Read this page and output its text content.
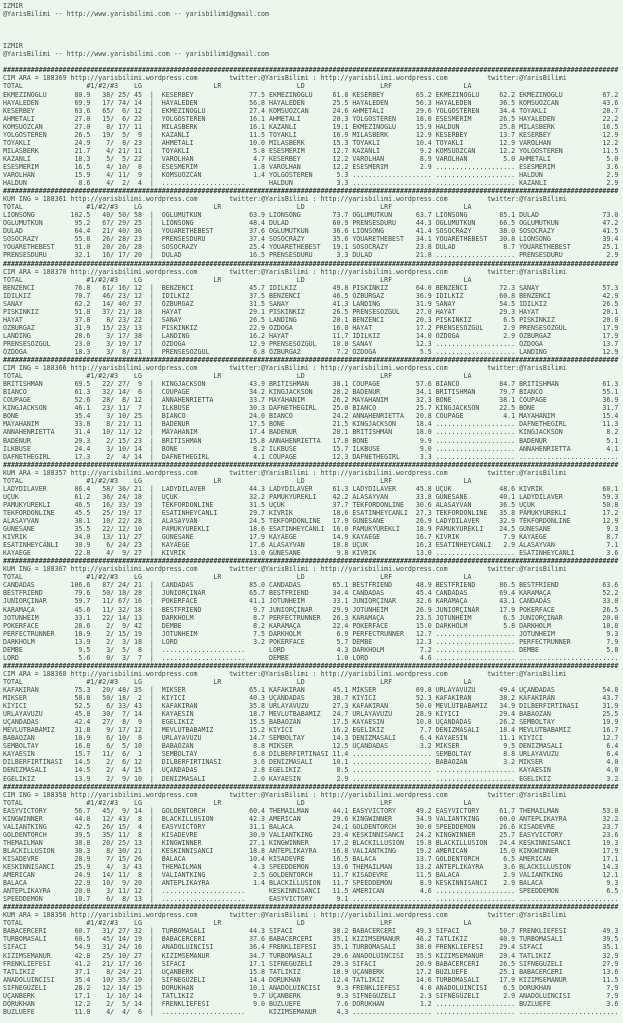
IZMIR
@YarisBilimi -- http://www.yarisbilimi.com -- yarisbilimi@gmail.com
IZMIR
@YarisBilimi -- http://www.yarisbilimi.com -- yarisbilimi@gmail.com
###########################################################################################################################################################
CIM ARA = 188369 http://yarisbilimi.wordpress.com        twitter:@YarisBilimi : http://yarisbilimi.wordpress.com          twitter:@YarisBilimi
TOTAL                #1/#2/#3    LG                  LR                   LD                   LRF                  LA
EKMEZINOGLU       80.9   38/ 25/ 45  |  KESERBEY              77.5 EKMEZINOGLU     61.8 KESERBEY        65.2 EKMEZINOGLU     62.2 EKMEZINOGLU          67.2
HAYALEDEN         69.9   17/ 74/ 14  |  HAYALEDEN             56.8 HAYALEDEN       25.5 HAYALEDEN       56.3 HAYALEDEN       36.5 KOMSUÖZCAN           43.6
KESERBEY          63.6   65/  6/ 12  |  EKMEZINOGLU           27.4 KOMSUÖZCAN      24.6 AHMETALI        29.6 YOLGÖSTEREN     34.4 TOYAKLI              28.7
AHMETALI          27.0   15/  6/ 22  |  YOLGÖSTEREN           16.1 AHMETALI        20.3 YOLGÖSTEREN     18.0 ESESMERIM       26.5 HAYALEDEN            22.2
KOMSUÖZCAN        27.0    8/ 17/ 11  |  MILASBERK             16.1 KAZANLI         19.1 EKMEZINOGLU     15.9 HALDUN          25.8 MILASBERK            16.5
YOLGÖSTEREN       26.5   19/  5/  9  |  KAZANLI               11.5 TOYAKLI         16.9 MILASBERK       12.9 KESERBEY        13.7 KESERBEY             12.9
TOYAKLI           24.9    7/  8/ 23  |  AHMETALI              10.0 MILASBERK       15.3 TOYAKLI         10.4 TOYAKLI         12.9 VAROLHAN             12.2
MILASBERK         21.7    4/ 21/ 11  |  TOYAKLI                5.8 ESESMERIM       12.7 KAZANLI          9.2 KOMSUÖZCAN      12.2 YOLGÖSTEREN          11.5
KAZANLI           18.3    5/  5/ 22  |  VAROLHAN               4.7 KESERBEY        12.2 VAROLHAN         8.9 VAROLHAN         5.0 AHMETALI              5.0
ESESMERIM         16.5    4/ 10/  8  |  ESESMERIM              1.8 VAROLHAN        12.2 ESESMERIM        2.9 .................... ESESMERIM             3.6
VAROLHAN          15.9    4/ 11/  9  |  KOMSUÖZCAN             1.4 YOLGÖSTEREN      5.3 .................... .................... HALDUN                2.9
HALDUN             8.6    4/  2/  4  |  .....................      HALDUN           3.3 .................... .................... KAZANLI               2.9
###########################################################################################################################################################
KUM ING = 188361 http://yarisbilimi.wordpress.com        twitter:@YarisBilimi : http://yarisbilimi.wordpress.com          twitter:@YarisBilimi
TOTAL                #1/#2/#3    LG                  LR                   LD                   LRF                  LA
LIONSONG         102.5   40/ 50/ 58  |  OGLUMUTKUN            63.9 LIONSONG        73.7 OGLUMUTKUN      63.7 LIONSONG        85.1 DULAD                73.0
OGLUMUTKUN        95.2   67/ 29/ 25  |  LIONSONG              48.4 DULAD           60.9 PRENSESDURU     44.3 OGLUMUTKUN      66.5 OGLUMUTKUN           47.2
DULAD             64.4   21/ 40/ 36  |  YOUARETHEBEST         37.6 OGLUMUTKUN      36.6 LIONSONG        41.4 SOSOCRAZY       38.0 SOSOCRAZY            41.5
SOSOCRAZY         55.8   26/ 28/ 23  |  PRENSESDURU           37.4 SOSOCRAZY       35.6 YOUARETHEBEST   34.1 YOUARETHEBEST   30.8 LIONSONG             39.4
YOUARETHEBEST     51.0   20/ 26/ 28  |  SOSOCRAZY             25.4 YOUARETHEBEST   19.1 SOSOCRAZY       23.8 DULAD            8.7 YOUARETHEBEST        25.1
PRENSESDURU       32.1   16/ 17/ 20  |  DULAD                 16.5 PRENSESDURU      3.3 DULAD           21.8 .................... PRENSESDURU           2.9
###########################################################################################################################################################
CIM ARA = 188370 http://yarisbilimi.wordpress.com        twitter:@YarisBilimi : http://yarisbilimi.wordpress.com          twitter:@YarisBilimi
TOTAL                #1/#2/#3    LG                  LR                   LD                   LRF                  LA
BENZENCI          76.8   61/ 16/ 12  |  BENZENCI              45.7 IDILKIZ         49.8 PISKINKIZ       64.0 BENZENCI        72.3 SANAY                57.3
IDILKIZ           70.7   46/ 23/ 12  |  IDILKIZ               37.5 BENZENCI        46.5 ÖZBURGAZ        36.9 IDILKIZ         60.8 BENZENCI             42.9
SANAY             62.2   14/ 40/ 37  |  ÖZBURGAZ              31.5 SANAY           41.3 LANDING         31.9 SANAY           54.5 IDILKIZ              26.5
PISKINKIZ         51.8   37/ 21/ 18  |  HAYAT                 29.1 PISKINKIZ       26.5 PRENSESÖZGÜL    27.0 HAYAT           29.3 HAYAT                20.1
HAYAT             37.8    8/ 23/ 22  |  SANAY                 26.5 LANDING         20.1 BENZENCI        20.3 PISKINKIZ        6.5 PISKINKIZ            20.0
ÖZBURGAZ          31.9   15/ 23/ 13  |  PISKINKIZ             22.9 ÖZDOGA          16.0 HAYAT           17.2 PRENSESÖZGÜL     2.9 PRENSESÖZGÜL         17.9
LANDING           28.6    3/ 17/ 38  |  LANDING               16.2 HAYAT           11.7 IDILKIZ         14.0 ÖZDOGA           2.9 ÖZBURGAZ             17.9
PRENSESÖZGÜL      23.0    3/ 19/ 17  |  ÖZDOGA                12.9 PRENSESÖZGÜL    10.0 SANAY           12.3 .................... ÖZDOGA               13.7
ÖZDOGA            18.3    3/  8/ 21  |  PRENSESÖZGÜL           6.8 ÖZBURGAZ         7.2 ÖZDOGA           5.5 .................... LANDING              12.9
###########################################################################################################################################################
CIM ING = 188366 http://yarisbilimi.wordpress.com        twitter:@YarisBilimi : http://yarisbilimi.wordpress.com          twitter:@YarisBilimi
TOTAL                #1/#2/#3    LG                  LR                   LD                   LRF                  LA
BRITISHMAN        69.5   22/ 27/  9  |  KINGJACKSON           43.9 BRITISHMAN      38.1 COUPAGE         57.6 BIANCO          84.7 BRITISHMAN           61.3
BIANCO            61.3   32/ 14/  6  |  COUPAGE               34.2 KINGJACKSON     28.2 BADENUR         34.1 BRITISHMAN      79.7 BIANCO               55.1
COUPAGE           52.6   28/  8/ 12  |  ANNAHENRIETTA         33.7 MAYAHANIM       26.2 MAYAHANIM       32.3 BONE            38.1 COUPAGE              36.9
KINGJACKSON       46.1   23/ 11/  7  |  ILKBUSE               30.3 DAFNETHEGIRL    25.0 BIANCO          25.7 KINGJACKSON     22.5 BONE                 31.7
BONE              35.4    3/ 10/ 25  |  BIANCO                24.0 BIANCO          24.2 ANNAHENRIETTA   20.8 COUPAGE          4.1 MAYAHANIM            15.4
MAYAHANIM         33.8    8/ 21/ 11  |  BADENUR               17.5 BONE            21.5 KINGJACKSON     18.4 .................... DAFNETHEGIRL         11.3
ANNAHENRIETTA     31.4   10/ 11/ 12  |  MAYAHANIM             17.4 BADENUR         20.1 BRITISHMAN      18.0 .................... KINGJACKSON           8.2
BADENUR           29.3    2/ 15/ 23  |  BRITISHMAN            15.8 ANNAHENRIETTA   17.8 BONE             9.9 .................... BADENUR               5.1
ILKBUSE           24.4    3/ 10/ 14  |  BONE                   8.2 ILKBUSE         15.7 ILKBUSE          9.0 .................... ANNAHENRIETTA         4.1
DAFNETHEGIRL      17.3    2/  4/ 14  |  DAFNETHEGIRL           4.1 COUPAGE         12.3 DAFNETHEGIRL     3.3 .................... .........................
###########################################################################################################################################################
KUM ARA = 188357 http://yarisbilimi.wordpress.com        twitter:@YarisBilimi : http://yarisbilimi.wordpress.com          twitter:@YarisBilimi
TOTAL                #1/#2/#3    LG                  LR                   LD                   LRF                  LA
LADYDILAVER       86.4   58/ 36/ 21  |  LADYDILAVER           44.3 LADYDILAVER     61.3 LADYDILAVER     45.8 UÇUK            48.6 KIVRIK               60.1
UÇUK              61.2   36/ 24/ 18  |  UÇUK                  32.2 PAMUKYÜREKLI    42.2 ALASAYVAN       33.8 GÜNESANE        40.1 LADYDILAVER          59.3
PAMUKYÜREKLI      46.5   16/ 33/ 19  |  TEKFORDONLINE         31.5 UÇUK            37.7 TEKFORDONLINE   30.6 ALASAYVAN       36.5 UÇUK                 50.8
TEKFORDONLINE     45.5   25/ 19/ 17  |  ESATINHEYCANLI        29.7 KIVRIK          18.6 ESATINHEYCANLI  27.3 TEKFORDONLINE   35.8 PAMUKYÜREKLI         17.2
ALASAYVAN         38.1   10/ 22/ 28  |  ALASAYVAN             24.5 TEKFORDONLINE   17.9 GÜNESANE        26.9 LADYDILAVER     32.9 TEKFORDONLINE        12.9
GÜNESANE          35.5   22/ 12/ 10  |  PAMUKYÜREKLI          18.6 ESATINHEYCANLI  16.0 PAMUKYÜREKLI    18.9 PAMUKYÜREKLI    24.5 GÜNESANE              9.3
KIVRIK            34.0   13/ 11/ 27  |  GÜNESANE              17.9 KAYAEGE         14.9 KAYAEGE         16.7 KIVRIK           7.9 KAYAEGE               8.7
ESATINHEYCANLI    30.9    6/ 24/ 23  |  KAYAEGE               17.6 ALASAYVAN       10.8 UÇUK            16.3 ESATINHEYCANLI   2.9 ALASAYVAN             7.1
KAYAEGE           22.8    4/  9/ 27  |  KIVRIK                13.0 GÜNESANE         9.8 KIVRIK          13.0 .................... ESATINHEYCANLI        3.6
###########################################################################################################################################################
KUM ING = 188367 http://yarisbilimi.wordpress.com        twitter:@YarisBilimi : http://yarisbilimi.wordpress.com          twitter:@YarisBilimi
TOTAL                #1/#2/#3    LG                  LR                   LD                   LRF                  LA
CANDADAS         106.6   87/ 24/ 21  |  CANDADAS              85.0 CANDADAS        65.1 BESTFRIEND      48.9 BESTFRIEND      86.5 BESTFRIEND           63.6
BESTFRIEND        79.6   50/ 18/ 28  |  JUNIORÇINAR           65.7 BESTFRIEND      34.4 CANDADAS        45.4 CANDADAS        69.4 KARAMAÇA             52.2
JUNIORÇINAR       59.7   11/ 67/ 16  |  POKERFACE             41.1 JOTUNHEIM       33.1 JUNIORÇINAR     32.6 KARAMAÇA        43.1 CANDADAS             33.0
KARAMAÇA          45.6   11/ 32/ 18  |  BESTFRIEND             9.7 JUNIORÇINAR     29.9 JOTUNHEIM       26.9 JUNIORÇINAR     17.9 POKERFACE            26.5
JOTUNHEIM         33.1   22/ 14/ 13  |  DARKHOLM               8.7 PERFECTRUNNER   26.3 KARAMAÇA        23.5 JOTUNHEIM        6.5 JUNIORÇINAR          20.0
POKERFACE         28.6    2/  9/ 42  |  DEMBE                  8.2 KARAMAÇA        22.4 POKERFACE       15.0 DARKHOLM         5.8 DARKHOLM             10.8
PERFECTRUNNER     18.9    2/ 15/ 19  |  JOTUNHEIM              7.5 DARKHOLM         6.9 PERFECTRUNNER   12.7 .................... JOTUNHEIM             9.3
DARKHOLM          13.9    2/  3/ 18  |  LORD                   3.2 POKERFACE        5.7 DEMBE           12.3 .................... PERFECTRUNNER         7.9
DEMBE              9.5    3/  5/  8  |  .....................      LORD             4.3 DARKHOLM         7.2 .................... DEMBE                 5.8
LORD               5.6    0/  3/  7  |  .....................      DEMBE            1.0 LORD             4.6 .................... .........................
###########################################################################################################################################################
CIM ARA = 188368 http://yarisbilimi.wordpress.com        twitter:@YarisBilimi : http://yarisbilimi.wordpress.com          twitter:@YarisBilimi
TOTAL                #1/#2/#3    LG                  LR                   LD                   LRF                  LA
KAFAKIRAN         75.3   20/ 48/ 35  |  MIKSER                65.1 KAFAKIRAN       45.1 MIKSER          69.8 URLAYAVUZU      49.4 UÇANDADAS            54.8
MIKSER            58.8   50/ 18/  2  |  KIYICI                40.3 UÇANDADAS       38.7 KIYICI          52.3 KAFAKIRAN       38.2 KAFAKIRAN            43.7
KIYICI            52.5    6/ 33/ 43  |  KAFAKIRAN             35.8 URLAYAVUZU      27.3 KAFAKIRAN       50.0 MEVLÜTBABAMIZ   34.9 DILBERFIRTINASI      31.9
URLAYAVUZU        45.8   30/  7/ 14  |  KAYAESIN              18.7 MEVLÜTBABAMIZ   24.7 URLAYAVUZU      28.9 KIYICI          29.4 BABAOZAN             25.5
UÇANDADAS         42.4   27/  8/  9  |  EGELIKIZ              15.5 BABAOZAN        17.5 KAYAESIN        10.8 UÇANDADAS       26.2 SEMBOLTAY            19.9
MEVLÜTBABAMIZ     31.8    9/ 17/ 12  |  MEVLÜTBABAMIZ         15.2 KIYICI          16.2 EGELIKIZ         7.7 DENIZMASALI     18.4 MEVLÜTBABAMIZ        16.7
BABAOZAN          18.9    6/ 10/  8  |  URLAYAVUZU            14.7 SEMBOLTAY       14.3 DENIZMASALI      6.4 KAYAESIN        11.1 KIYICI               12.7
SEMBOLTAY         16.8    6/  5/ 10  |  BABAOZAN               8.8 MIKSER          12.5 UÇANDADAS        3.2 MIKSER           9.5 DENIZMASALI           6.4
KAYAESIN          15.7   11/  6/  1  |  SEMBOLTAY              6.8 DILBERFIRTINASI 11.4 .................... SEMBOLTAY        8.8 URLAYAVUZU            6.4
DILBERFIRTINASI   14.5    2/  6/ 12  |  DILBERFIRTINASI        3.6 DENIZMASALI     10.1 .................... BABAOZAN         3.2 MIKSER                4.0
DENIZMASALI       14.5    2/  4/ 15  |  UÇANDADAS              2.8 EGELIKIZ         8.5 .................... .................... KAYAESIN              4.0
EGELIKIZ          13.9    2/  9/ 10  |  DENIZMASALI            2.0 KAYAESIN         2.9 .................... .................... EGELIKIZ              3.2
###########################################################################################################################################################
CIM ING = 188358 http://yarisbilimi.wordpress.com        twitter:@YarisBilimi : http://yarisbilimi.wordpress.com          twitter:@YarisBilimi
TOTAL                #1/#2/#3    LG                  LR                   LD                   LRF                  LA
EASYVICTORY       56.7   45/  9/ 14  |  GOLDENTORCH           60.4 THEMAILMAN      44.1 EASYVICTORY     49.2 EASYVICTORY     61.7 THEMAILMAN           53.0
KINGWINNER        44.0   12/ 43/  8  |  BLACKILLUSION         42.3 AMERICAN        29.6 KINGWINNER      34.9 VALIANTKING     60.0 ANTEPLIKAYRA         32.2
VALIANTKING       42.5   26/ 15/  4  |  EASYVICTORY           31.1 BALACA          24.1 GOLDENTORCH     30.0 SPEEDDEMON      26.6 KISADEVRE            23.7
GOLDENTORCH       39.5   35/ 11/  8  |  KISADEVRE             30.9 VALIANTKING     23.4 KESKINNISANCI   24.2 KINGWINNER      25.7 EASYVICTORY          23.6
THEMAILMAN        38.8   20/ 25/ 13  |  KINGWINNER            27.1 KINGWINNER      17.2 BLACKILLUSION   19.8 BLACKILLUSION   24.4 KESKINNISANCI        19.3
BLACKILLUSION     38.3    8/ 30/ 21  |  KESKINNISANCI         18.8 ANTEPLIKAYRA    16.8 VALIANTKING     19.2 AMERICAN        15.0 KINGWINNER           17.9
KISADEVRE         28.9    7/ 15/ 26  |  BALACA                10.4 KISADEVRE       16.5 BALACA          13.7 GOLDENTORCH      6.5 AMERICAN             17.1
KESKINNISANCI     25.9    4/  3/ 43  |  THEMAILMAN             4.3 SPEEDDEMON      13.6 THEMAILMAN      13.2 ANTEPLIKAYRA     3.6 BLACKILLUSION        14.3
AMERICAN          24.9   14/ 11/  8  |  VALIANTKING            2.5 GOLDENTORCH     11.7 KISADEVRE       11.5 BALACA           2.9 VALIANTKING          12.1
BALACA            22.9   10/  9/ 20  |  ANTEPLIKAYRA           1.4 BLACKILLUSION   11.7 SPEEDDEMON       8.9 KESKINNISANCI    2.9 BALACA                9.3
ANTEPLIKAYRA      20.0    3/ 11/ 12  |  .....................      KESKINNISANCI   11.5 AMERICAN         4.6 .................... SPEEDDEMON            6.5
SPEEDDEMON        18.7    6/  8/ 13  |  .....................      EASYVICTORY      9.1 .................... .................... .........................
###########################################################################################################################################################
KUM ARA = 188356 http://yarisbilimi.wordpress.com        twitter:@YarisBilimi : http://yarisbilimi.wordpress.com          twitter:@YarisBilimi
TOTAL                #1/#2/#3    LG                  LR                   LD                   LRF                  LA
BABACERCERI       60.7   31/ 27/ 32  |  TURBOMASALI           44.3 SIFACI          38.2 BABACERCERI     49.3 SIFACI          50.7 FRENKLIEFESI         49.3
TURBOMASALI       60.5   45/ 14/ 19  |  BABACERCERI           37.6 BABACERCERI     35.1 KIZIMSEMANUR    46.2 TATLIKIZ        40.9 TURBOMASALI          39.5
SIFACI            54.9   31/ 24/ 16  |  ANADOLUINCISI         36.4 FRENKLIEFESI    35.1 TURBOMASALI     38.0 FRENKLIEFESI    29.4 SIFACI               35.1
KIZIMSEMANUR      42.8   25/ 10/ 27  |  KIZIMSEMANUR          34.7 TURBOMASALI     29.6 ANADOLUINCISI   35.5 KIZIMSEMANUR    29.4 TATLIKIZ             32.9
FRENKLIEFESI      41.2   21/ 17/ 16  |  SIFACI                17.1 SIFNEGÜZELI     29.3 SIFACI          20.9 BABACERCERI     26.5 SIFNEGÜZELI          27.9
TATLIKIZ          37.1    8/ 24/ 21  |  UÇANBERK              15.8 TATLIKIZ        18.9 UÇANBERK        17.2 BUZLUEFE        25.1 BABACERCERI          13.6
ANADOLUINCISI     35.4   10/ 35/ 10  |  SIFNEGÜZELI           14.4 DORUKHAN        12.4 TATLIKIZ        14.6 TURBOMASALI     17.9 KIZIMSEMANUR         11.5
SIFNEGÜZELI       28.2   12/ 14/ 15  |  DORUKHAN              10.1 ANADOLUINCISI    9.3 FRENKLIEFESI     4.0 ANADOLUINCISI    6.5 DORUKHAN              7.9
UÇANBERK          17.1    1/ 16/ 14  |  TATLIKIZ               9.7 UÇANBERK         9.3 SIFNEGÜZELI      2.3 SIFNEGÜZELI      2.9 ANADOLUINCISI         7.9
DORUKHAN          12.2    2/  5/ 14  |  FRENKLIEFESI           9.0 BUZLUEFE         7.6 DORUKHAN         1.2 .................... BUZLUEFE              3.6
BUZLUEFE          11.0    4/  4/  6  |  .....................      KIZIMSEMANUR     4.3 .................... .................... .........................
